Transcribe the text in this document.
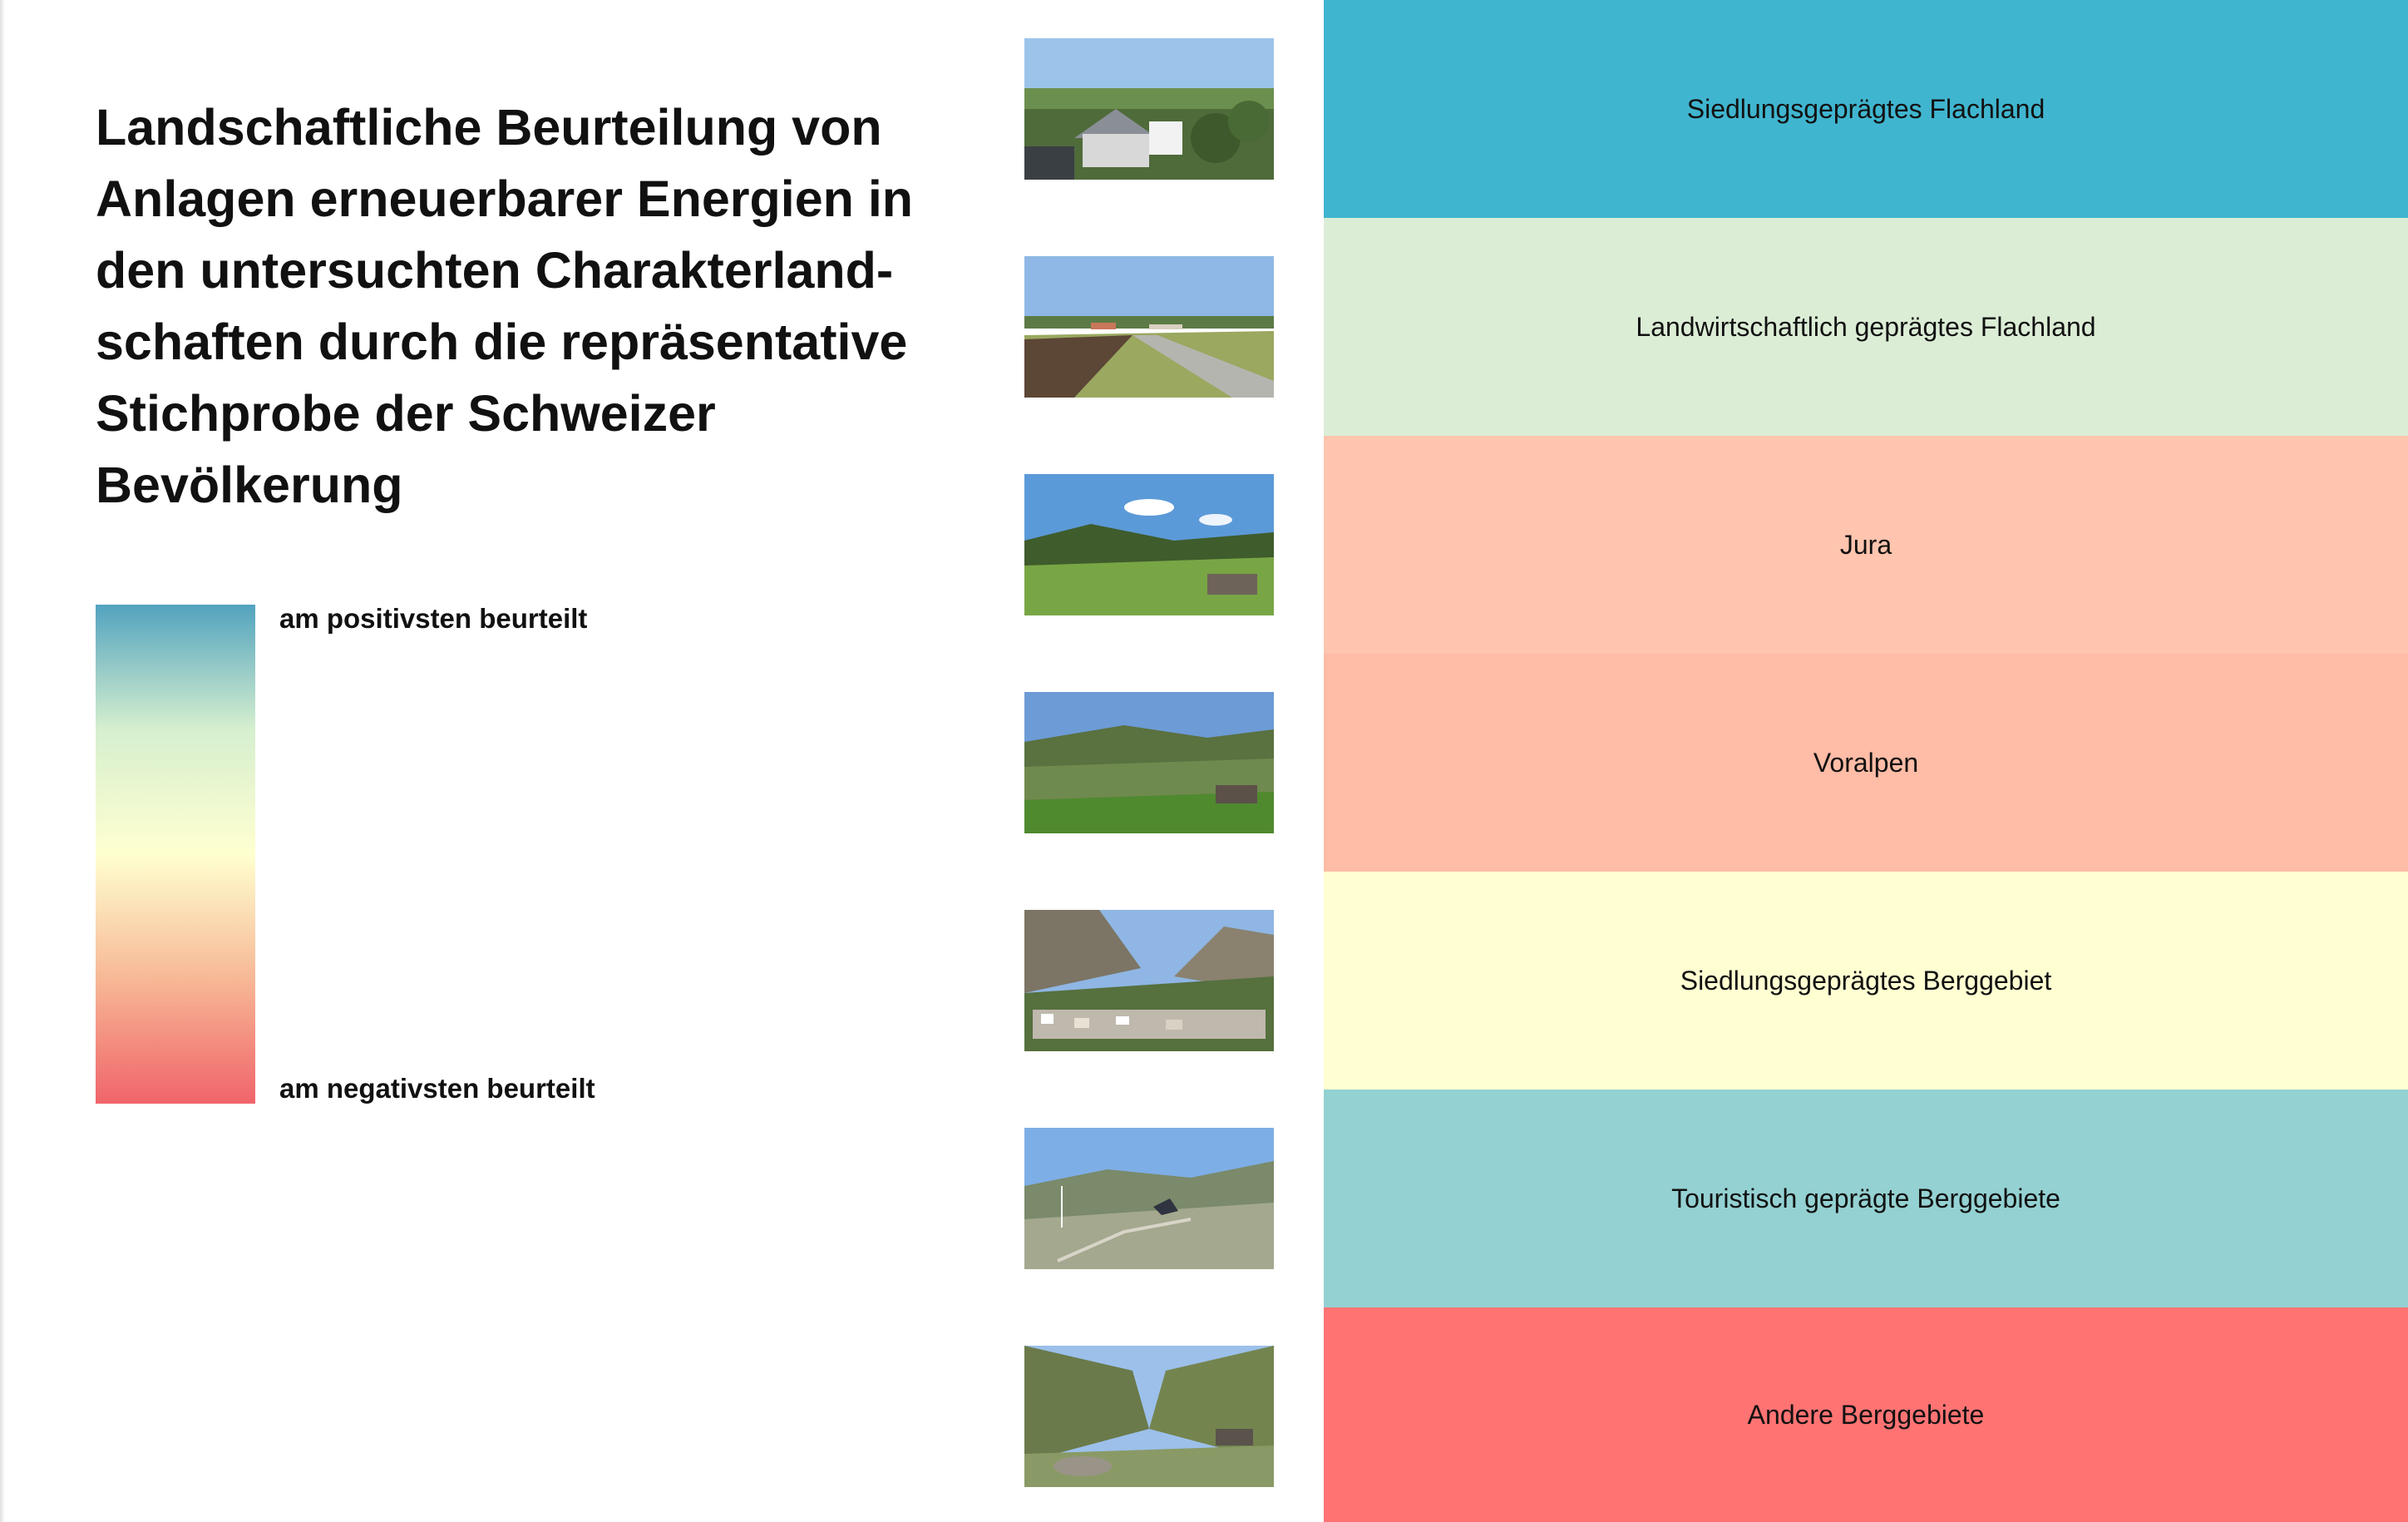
Landschaftliche Beurteilung von Anlagen erneuerbarer Energien in den untersuchten Charakterland-schaften durch die repräsentative Stichprobe der Schweizer Bevölkerung
am positivsten beurteilt
am negativsten beurteilt
Siedlungsgeprägtes Flachland
Landwirtschaftlich geprägtes Flachland
Jura
Voralpen
Siedlungsgeprägtes Berggebiet
Touristisch geprägte Berggebiete
Andere Berggebiete
